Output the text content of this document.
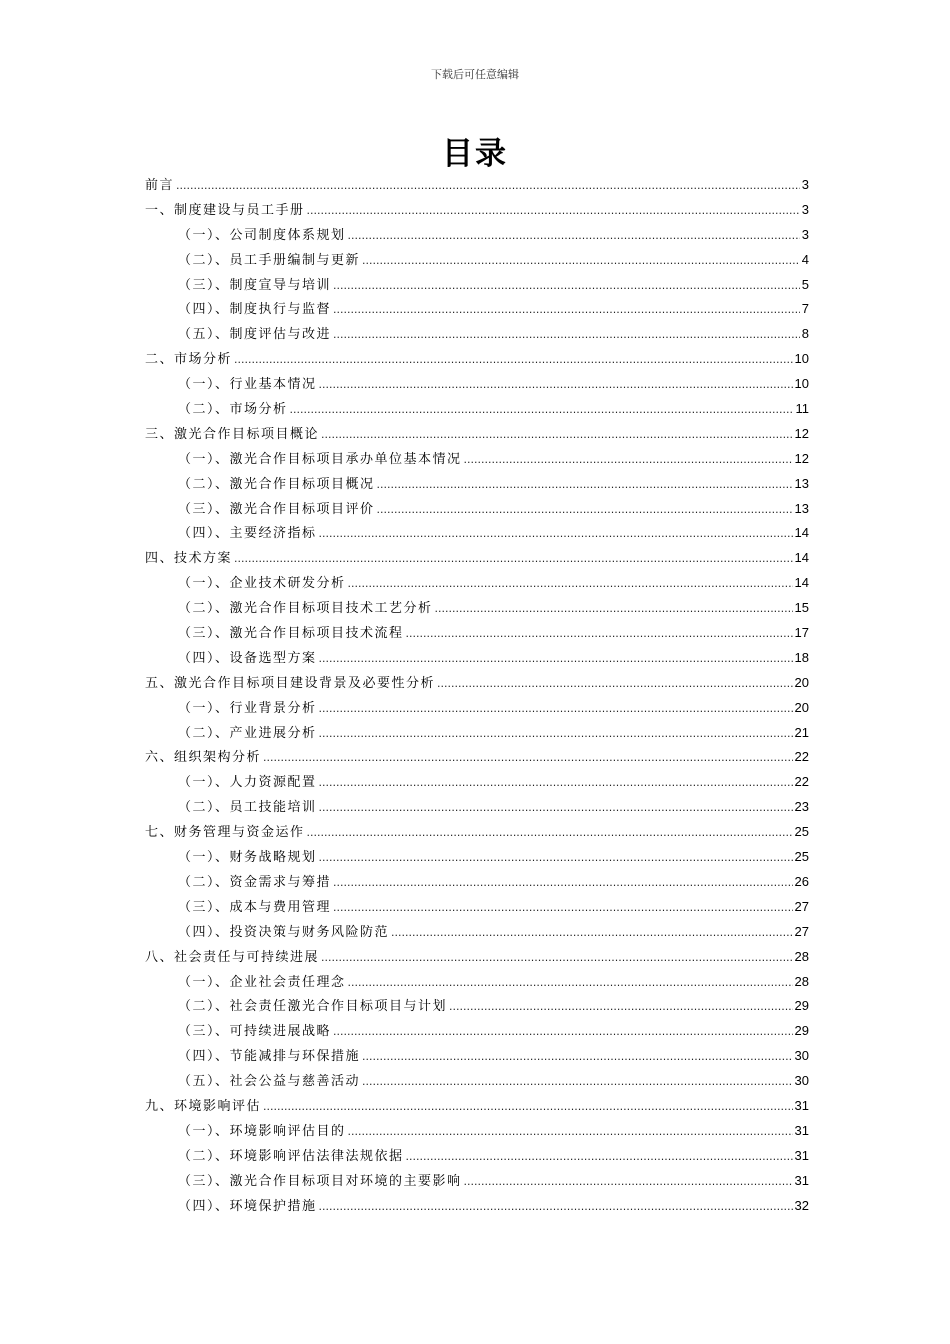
下载后可任意编辑
目录
前言 .....	3
一、制度建设与员工手册 .....	3
（一）、公司制度体系规划 .....	3
（二）、员工手册编制与更新 .....	4
（三）、制度宣导与培训 .....	5
（四）、制度执行与监督 .....	7
（五）、制度评估与改进 .....	8
二、市场分析 .....	10
（一）、行业基本情况 .....	10
（二）、市场分析 .....	11
三、激光合作目标项目概论 .....	12
（一）、激光合作目标项目承办单位基本情况 .....	12
（二）、激光合作目标项目概况 .....	13
（三）、激光合作目标项目评价 .....	13
（四）、主要经济指标 .....	14
四、技术方案 .....	14
（一）、企业技术研发分析 .....	14
（二）、激光合作目标项目技术工艺分析 .....	15
（三）、激光合作目标项目技术流程 .....	17
（四）、设备选型方案 .....	18
五、激光合作目标项目建设背景及必要性分析 .....	20
（一）、行业背景分析 .....	20
（二）、产业进展分析 .....	21
六、组织架构分析 .....	22
（一）、人力资源配置 .....	22
（二）、员工技能培训 .....	23
七、财务管理与资金运作 .....	25
（一）、财务战略规划 .....	25
（二）、资金需求与筹措 .....	26
（三）、成本与费用管理 .....	27
（四）、投资决策与财务风险防范 .....	27
八、社会责任与可持续进展 .....	28
（一）、企业社会责任理念 .....	28
（二）、社会责任激光合作目标项目与计划 .....	29
（三）、可持续进展战略 .....	29
（四）、节能减排与环保措施 .....	30
（五）、社会公益与慈善活动 .....	30
九、环境影响评估 .....	31
（一）、环境影响评估目的 .....	31
（二）、环境影响评估法律法规依据 .....	31
（三）、激光合作目标项目对环境的主要影响 .....	31
（四）、环境保护措施 .....	32
